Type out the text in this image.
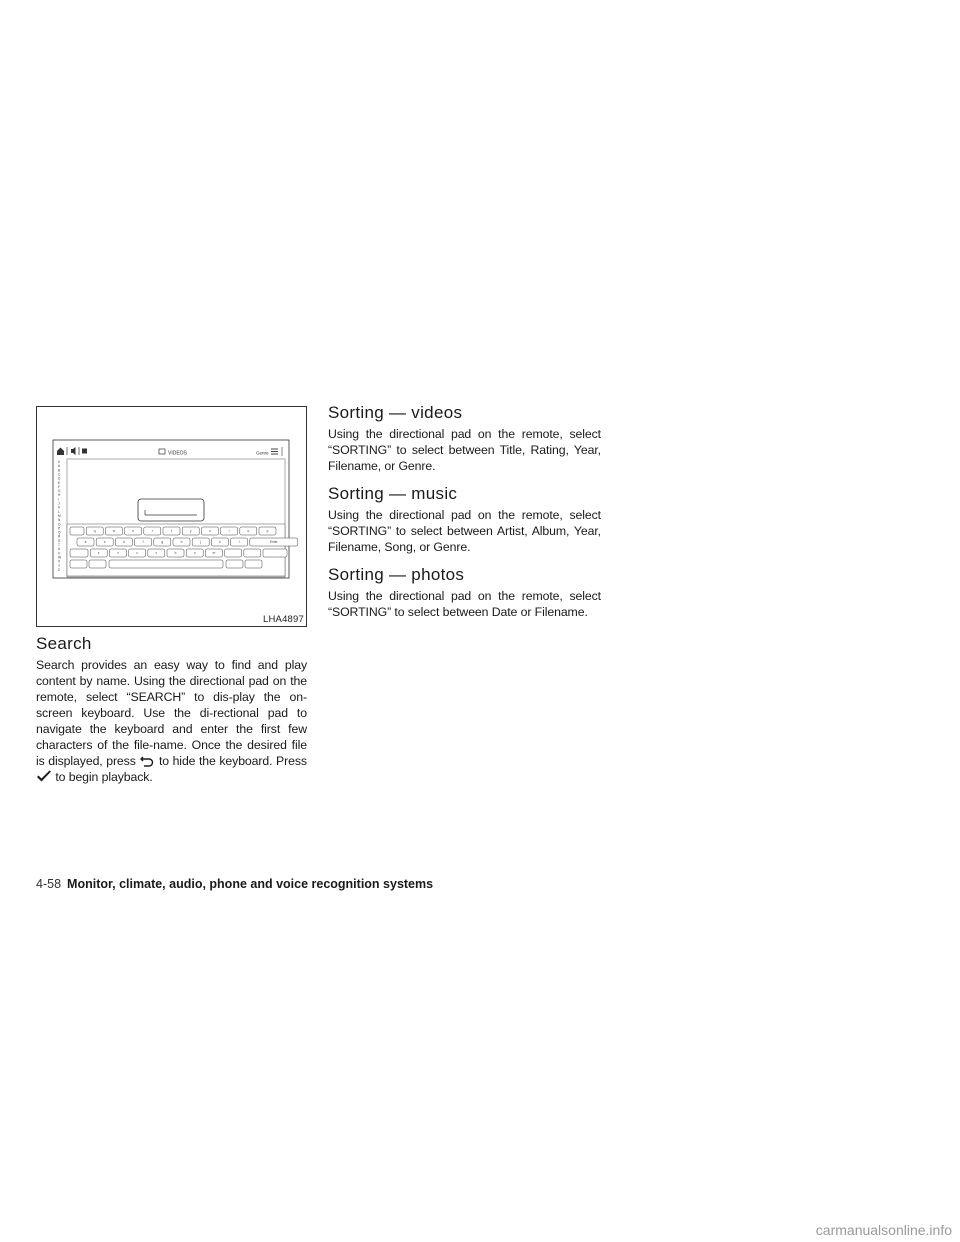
VIDEOS	Genre
#
A
B
C
D
E
F
G
H
I
J
K
L
M
N
O
P
Q
R
S
T
U
V
W
X
Y
Z
q	w	e	r	t	y	u	i	o	p
a	s	d	f	g	h	j	k	l	Enter
z	x	c	v	b	n	m
LHA4897
Search

Search provides an easy way to find and play content by name. Using the directional pad on the remote, select “SEARCH” to dis-play the on-screen keyboard. Use the di-rectional pad to navigate the keyboard and enter the first few characters of the file-name. Once the desired file is displayed, press to hide the keyboard. Press  to begin playback.

Sorting — videos

Using the directional pad on the remote, select “SORTING” to select between Title, Rating, Year, Filename, or Genre.

Sorting — music

Using the directional pad on the remote, select “SORTING” to select between Artist, Album, Year, Filename, Song, or Genre.

Sorting — photos

Using the directional pad on the remote, select “SORTING” to select between Date or Filename.

4-58 Monitor, climate, audio, phone and voice recognition systems
carmanualsonline.info
